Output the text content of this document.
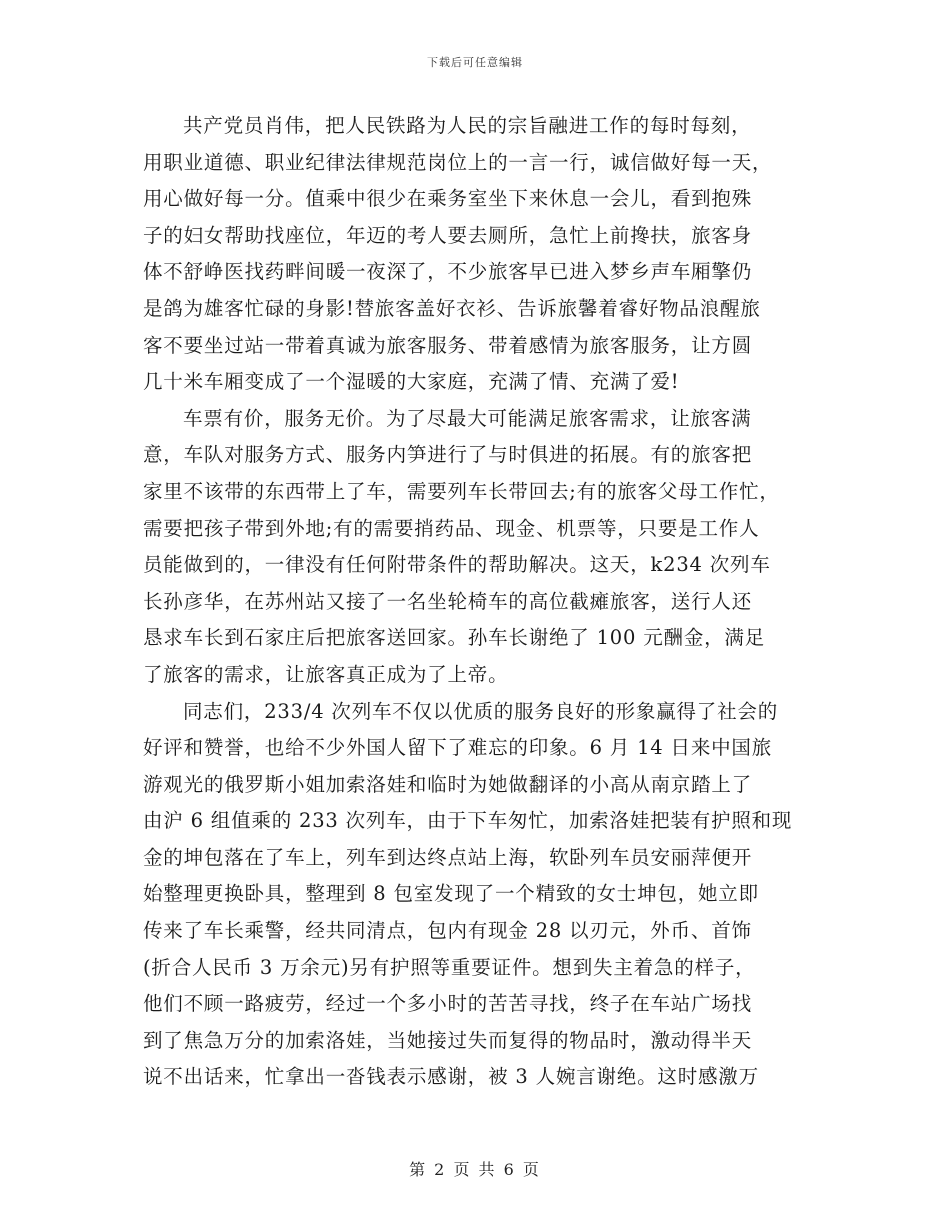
下载后可任意编辑
共产党员肖伟，把人民铁路为人民的宗旨融进工作的每时每刻，
用职业道德、职业纪律法律规范岗位上的一言一行，诚信做好每一天，
用心做好每一分。值乘中很少在乘务室坐下来休息一会儿，看到抱殊
子的妇女帮助找座位，年迈的考人要去厕所，急忙上前搀扶，旅客身
体不舒峥医找药畔间暖一夜深了，不少旅客早已进入梦乡声车厢擎仍
是鸽为雄客忙碌的身影!替旅客盖好衣衫、告诉旅馨着睿好物品浪醒旅
客不要坐过站一带着真诚为旅客服务、带着感情为旅客服务，让方圆
几十米车厢变成了一个湿暖的大家庭，充满了情、充满了爱!
车票有价，服务无价。为了尽最大可能满足旅客需求，让旅客满
意，车队对服务方式、服务内笋进行了与时俱进的拓展。有的旅客把
家里不该带的东西带上了车，需要列车长带回去;有的旅客父母工作忙，
需要把孩子带到外地;有的需要捎药品、现金、机票等，只要是工作人
员能做到的，一律没有任何附带条件的帮助解决。这天，k234 次列车
长孙彦华，在苏州站又接了一名坐轮椅车的高位截瘫旅客，送行人还
恳求车长到石家庄后把旅客送回家。孙车长谢绝了 100 元酬金，满足
了旅客的需求，让旅客真正成为了上帝。
同志们，233/4 次列车不仅以优质的服务良好的形象赢得了社会的
好评和赞誉，也给不少外国人留下了难忘的印象。6 月 14 日来中国旅
游观光的俄罗斯小姐加索洛娃和临时为她做翻译的小高从南京踏上了
由沪 6 组值乘的 233 次列车，由于下车匆忙，加索洛娃把装有护照和现
金的坤包落在了车上，列车到达终点站上海，软卧列车员安丽萍便开
始整理更换卧具，整理到 8 包室发现了一个精致的女士坤包，她立即
传来了车长乘警，经共同清点，包内有现金 28 以刃元，外币、首饰
(折合人民币 3 万余元)另有护照等重要证件。想到失主着急的样子，
他们不顾一路疲劳，经过一个多小时的苦苦寻找，终子在车站广场找
到了焦急万分的加索洛娃，当她接过失而复得的物品时，激动得半天
说不出话来，忙拿出一沓钱表示感谢，被 3 人婉言谢绝。这时感激万
第 2 页 共 6 页
